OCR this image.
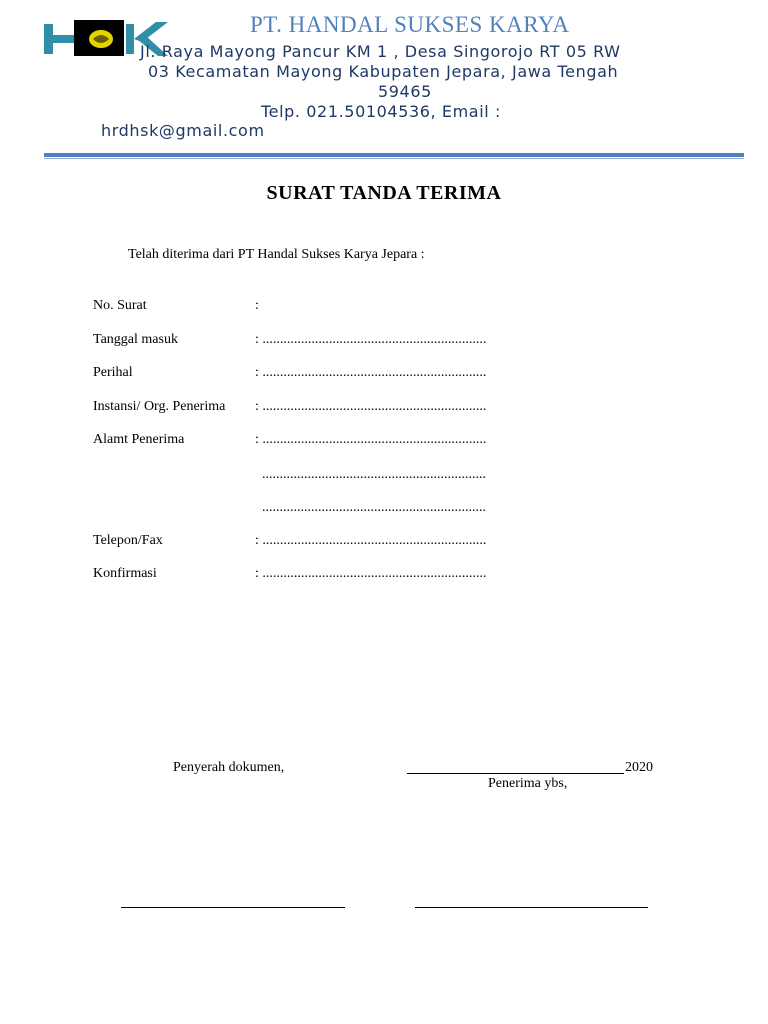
PT. HANDAL SUKSES KARYA
Jl. Raya Mayong Pancur KM 1 , Desa Singorojo RT 05 RW
03 Kecamatan Mayong Kabupaten Jepara, Jawa Tengah
59465
Telp. 021.50104536, Email :
hrdhsk@gmail.com
SURAT TANDA TERIMA
Telah diterima dari PT Handal Sukses Karya Jepara :
No. Surat	:
Tanggal masuk	: ................................................................
Perihal	: ................................................................
Instansi/ Org. Penerima : ................................................................
Alamt Penerima	: ................................................................
................................................................
................................................................
Telepon/Fax	: ................................................................
Konfirmasi	: ................................................................
Penyerah dokumen,	2020
Penerima ybs,
